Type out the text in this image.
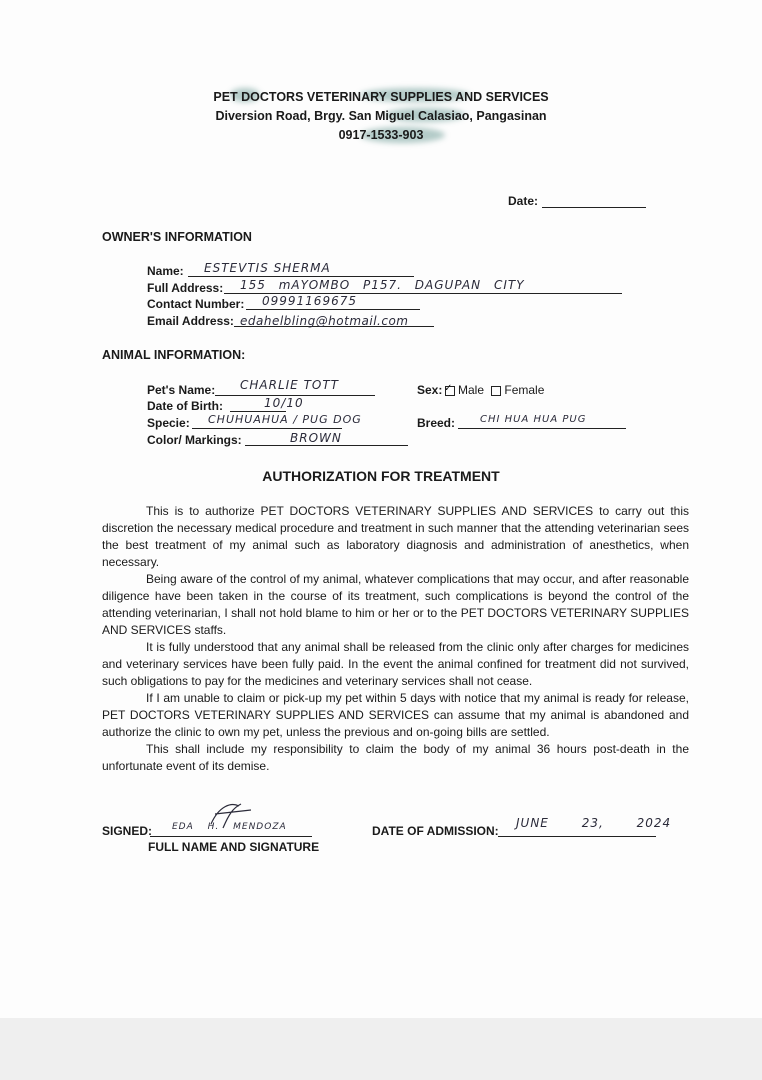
PET DOCTORS VETERINARY SUPPLIES AND SERVICES
Diversion Road, Brgy. San Miguel Calasiao, Pangasinan
0917-1533-903
Date:
OWNER'S INFORMATION
Name: ESTEVTIS SHERMA
Full Address: 155 mAYOMBO P157. DAGUPAN CITY
Contact Number: 09991169675
Email Address: edahelbling@hotmail.com
ANIMAL INFORMATION:
Pet's Name: CHARLIE TOTT	Sex: ✓ Male Female
Date of Birth:	10/10
Specie: CHUHUAHUA / PUG DOG	Breed: CHI HUA HUA PUG
Color/ Markings:	BROWN
AUTHORIZATION FOR TREATMENT

This is to authorize PET DOCTORS VETERINARY SUPPLIES AND SERVICES to carry out this discretion the necessary medical procedure and treatment in such manner that the attending veterinarian sees the best treatment of my animal such as laboratory diagnosis and administration of anesthetics, when necessary.

Being aware of the control of my animal, whatever complications that may occur, and after reasonable diligence have been taken in the course of its treatment, such complications is beyond the control of the attending veterinarian, I shall not hold blame to him or her or to the PET DOCTORS VETERINARY SUPPLIES AND SERVICES staffs.

It is fully understood that any animal shall be released from the clinic only after charges for medicines and veterinary services have been fully paid. In the event the animal confined for treatment did not survived, such obligations to pay for the medicines and veterinary services shall not cease.

If I am unable to claim or pick-up my pet within 5 days with notice that my animal is ready for release, PET DOCTORS VETERINARY SUPPLIES AND SERVICES can assume that my animal is abandoned and authorize the clinic to own my pet, unless the previous and on-going bills are settled.

This shall include my responsibility to claim the body of my animal 36 hours post-death in the unfortunate event of its demise.

SIGNED: EDA H. MENDOZA
FULL NAME AND SIGNATURE
DATE OF ADMISSION:
JUNE 23, 2024
